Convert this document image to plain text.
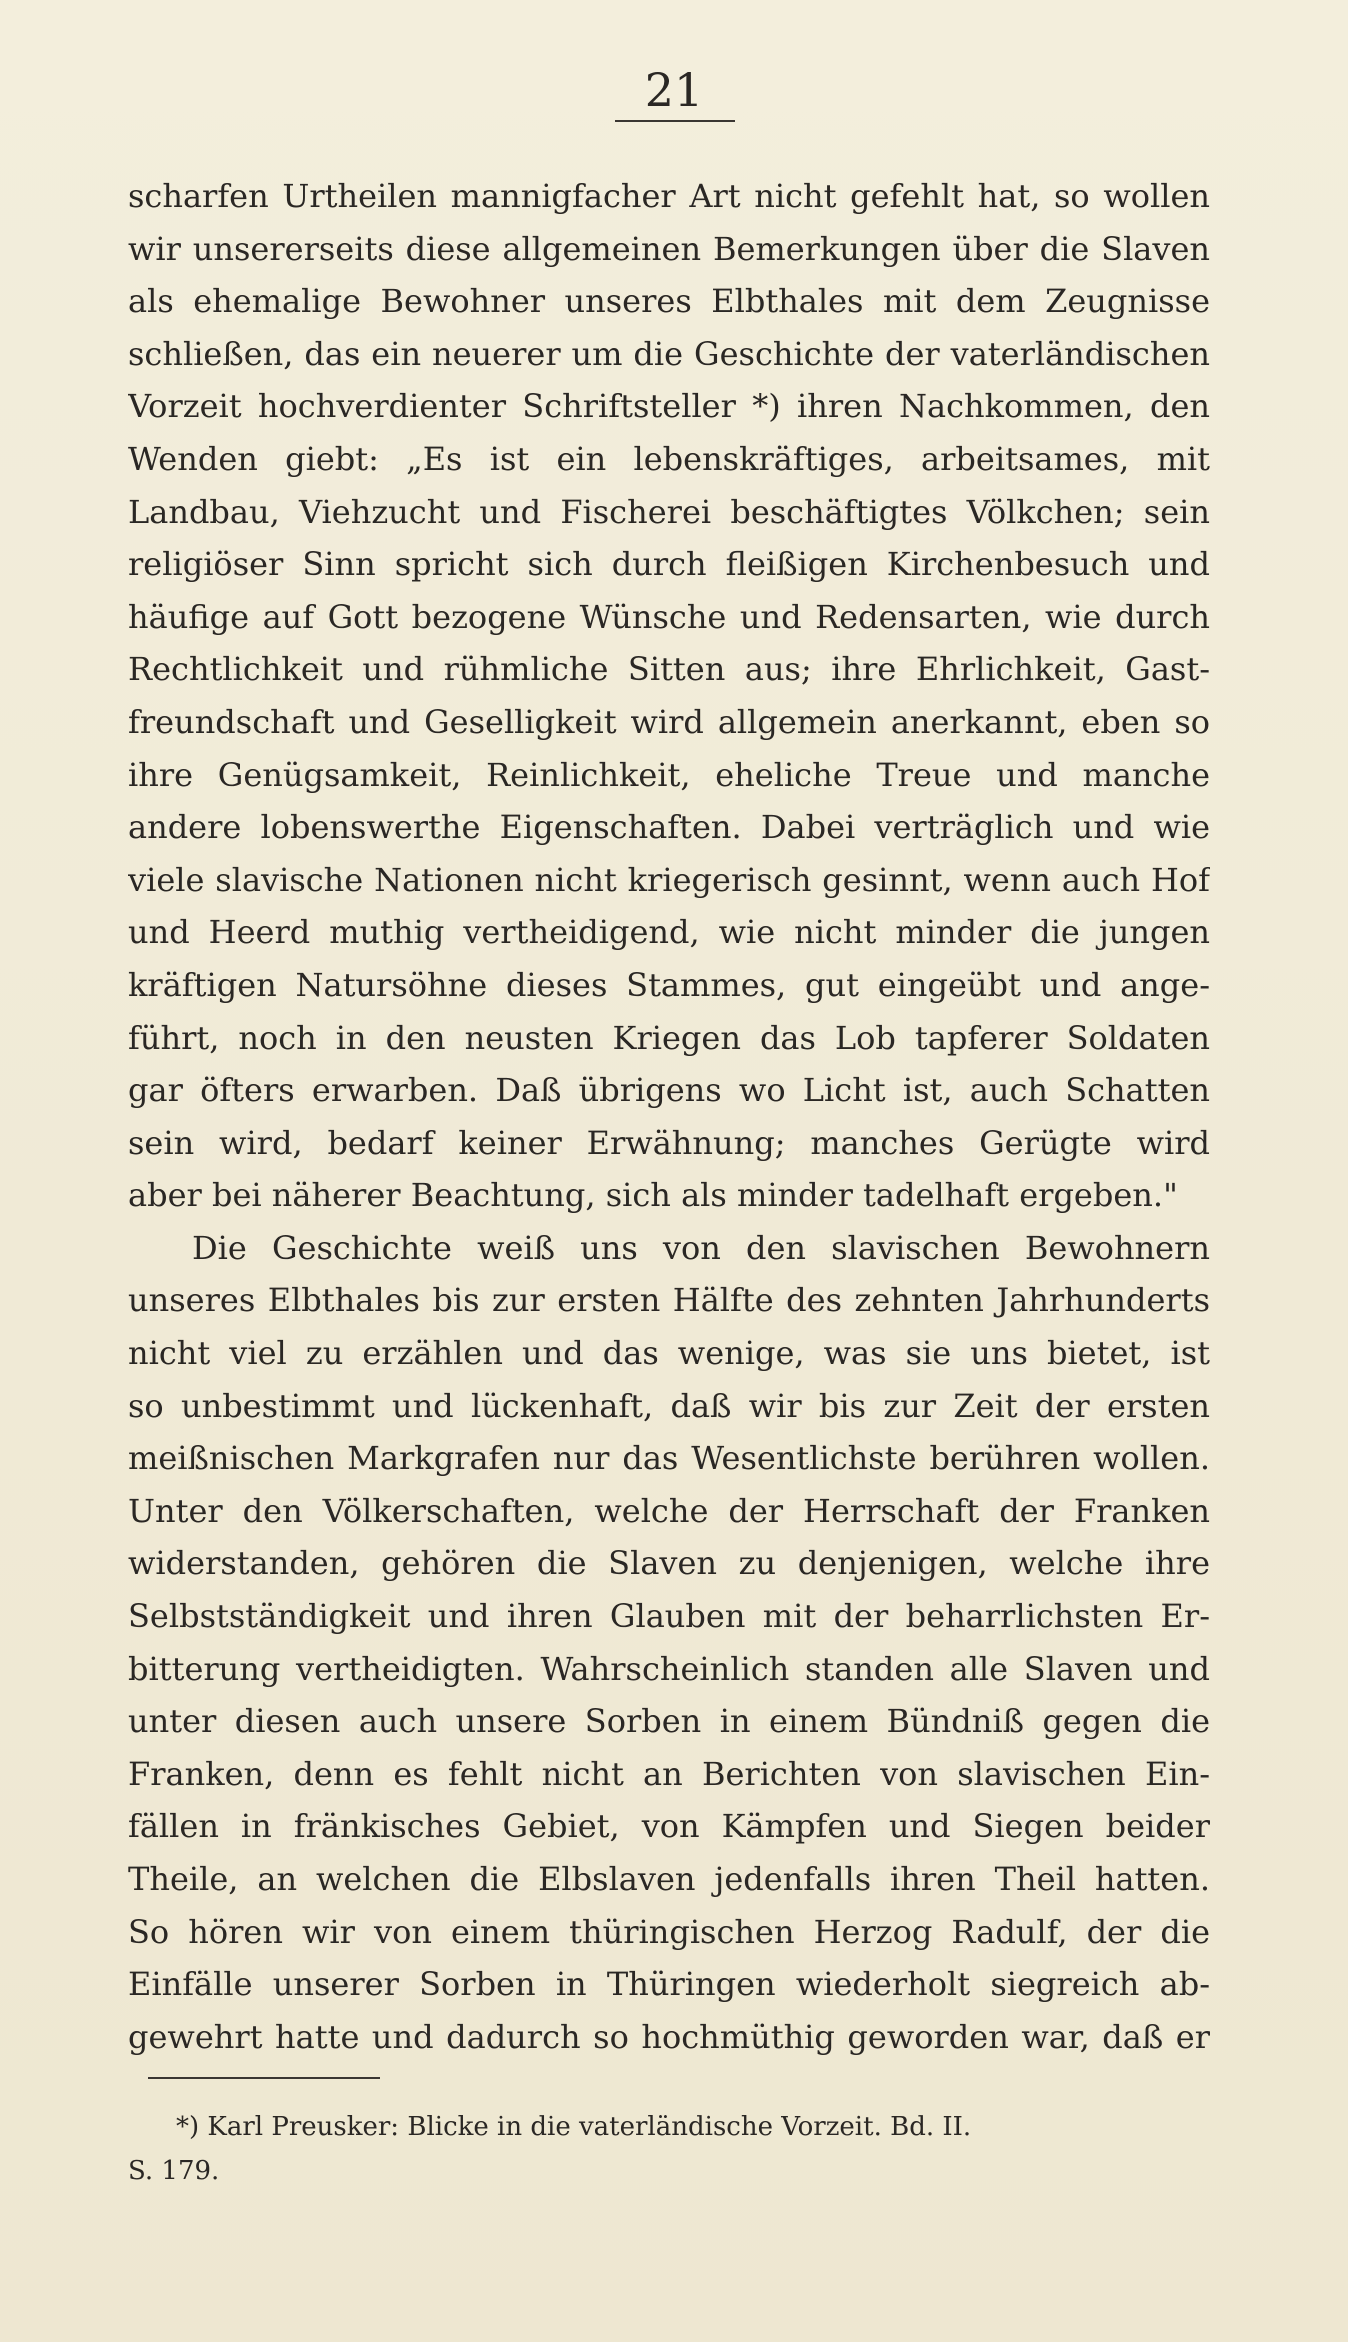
21
scharfen Urtheilen mannigfacher Art nicht gefehlt hat, so wollen
wir unsererseits diese allgemeinen Bemerkungen über die Slaven
als ehemalige Bewohner unseres Elbthales mit dem Zeugnisse
schließen, das ein neuerer um die Geschichte der vaterländischen
Vorzeit hochverdienter Schriftsteller *) ihren Nachkommen, den
Wenden giebt: „Es ist ein lebenskräftiges, arbeitsames, mit
Landbau, Viehzucht und Fischerei beschäftigtes Völkchen; sein
religiöser Sinn spricht sich durch fleißigen Kirchenbesuch und
häufige auf Gott bezogene Wünsche und Redensarten, wie durch
Rechtlichkeit und rühmliche Sitten aus; ihre Ehrlichkeit, Gast-
freundschaft und Geselligkeit wird allgemein anerkannt, eben so
ihre Genügsamkeit, Reinlichkeit, eheliche Treue und manche
andere lobenswerthe Eigenschaften. Dabei verträglich und wie
viele slavische Nationen nicht kriegerisch gesinnt, wenn auch Hof
und Heerd muthig vertheidigend, wie nicht minder die jungen
kräftigen Natursöhne dieses Stammes, gut eingeübt und ange-
führt, noch in den neusten Kriegen das Lob tapferer Soldaten
gar öfters erwarben. Daß übrigens wo Licht ist, auch Schatten
sein wird, bedarf keiner Erwähnung; manches Gerügte wird
aber bei näherer Beachtung, sich als minder tadelhaft ergeben."
Die Geschichte weiß uns von den slavischen Bewohnern
unseres Elbthales bis zur ersten Hälfte des zehnten Jahrhunderts
nicht viel zu erzählen und das wenige, was sie uns bietet, ist
so unbestimmt und lückenhaft, daß wir bis zur Zeit der ersten
meißnischen Markgrafen nur das Wesentlichste berühren wollen.
Unter den Völkerschaften, welche der Herrschaft der Franken
widerstanden, gehören die Slaven zu denjenigen, welche ihre
Selbstständigkeit und ihren Glauben mit der beharrlichsten Er-
bitterung vertheidigten. Wahrscheinlich standen alle Slaven und
unter diesen auch unsere Sorben in einem Bündniß gegen die
Franken, denn es fehlt nicht an Berichten von slavischen Ein-
fällen in fränkisches Gebiet, von Kämpfen und Siegen beider
Theile, an welchen die Elbslaven jedenfalls ihren Theil hatten.
So hören wir von einem thüringischen Herzog Radulf, der die
Einfälle unserer Sorben in Thüringen wiederholt siegreich ab-
gewehrt hatte und dadurch so hochmüthig geworden war, daß er
*) Karl Preusker: Blicke in die vaterländische Vorzeit. Bd. II.
S. 179.
